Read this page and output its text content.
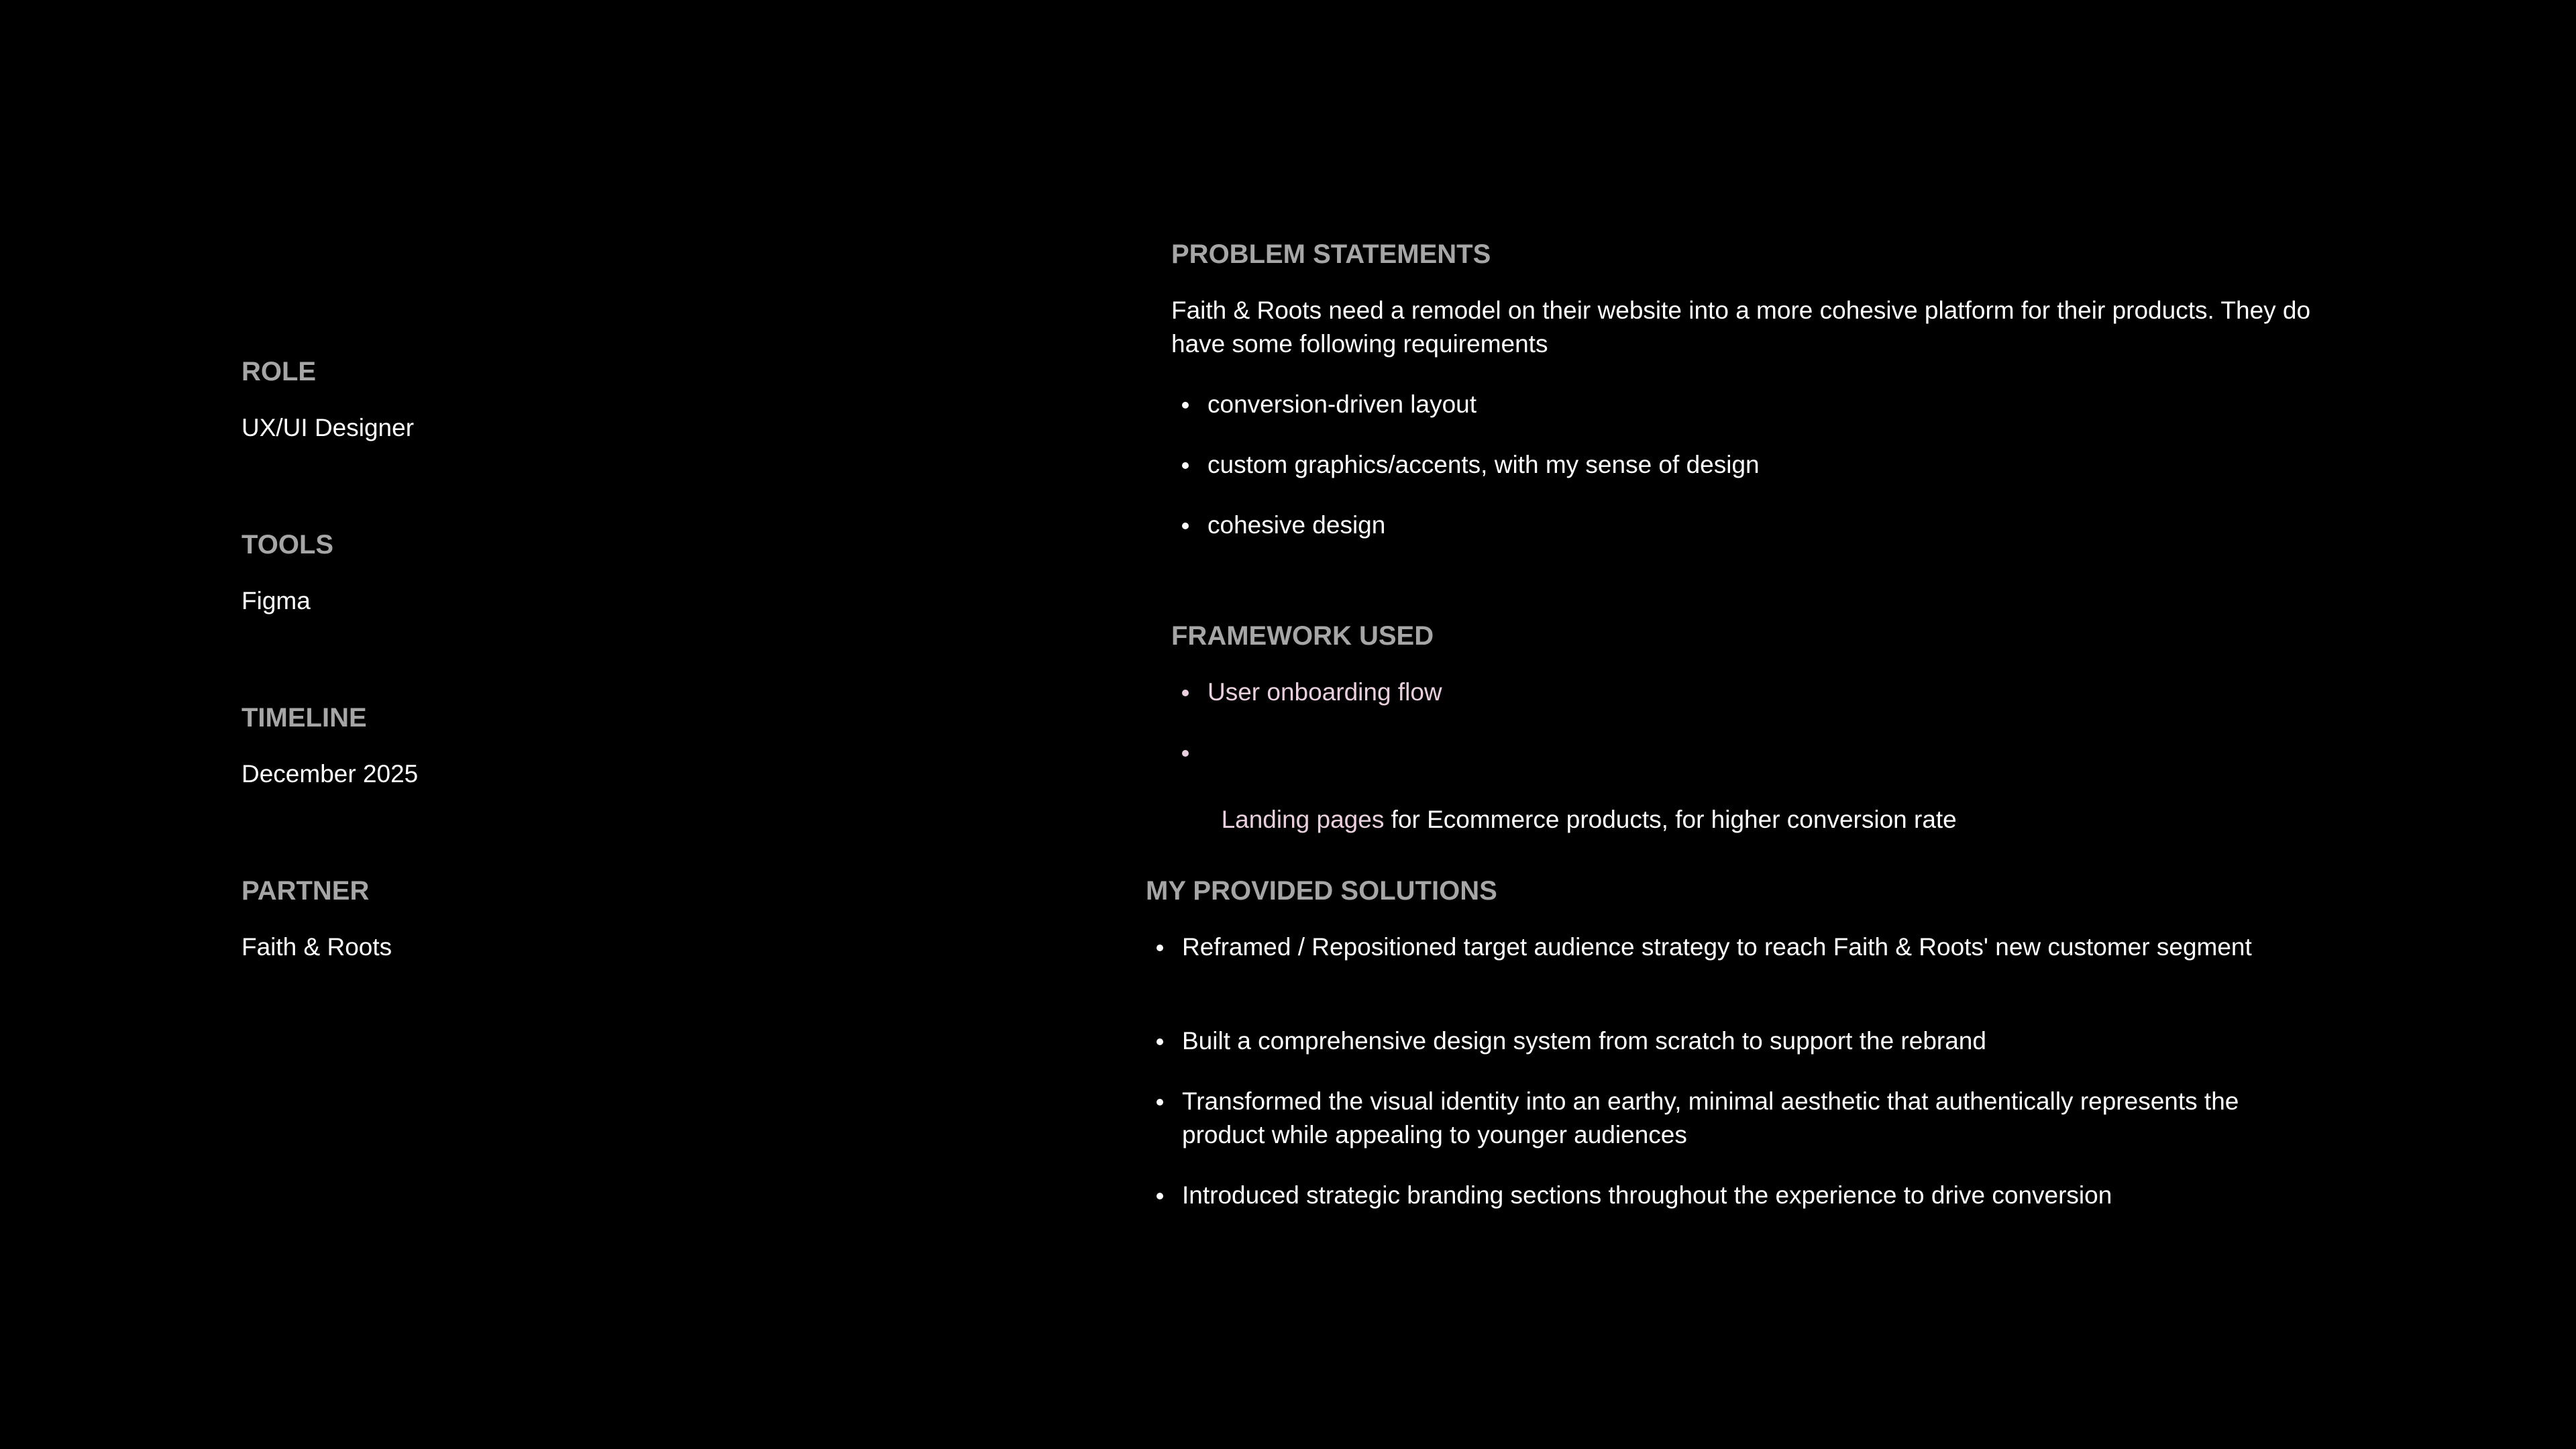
ROLE

UX/UI Designer

TOOLS

Figma

TIMELINE

December 2025

PARTNER

Faith & Roots

PROBLEM STATEMENTS

Faith & Roots need a remodel on their website into a more cohesive platform for their products. They do have some following requirements

conversion-driven layout
custom graphics/accents, with my sense of design
cohesive design
FRAMEWORK USED
User onboarding flow

Landing pages for Ecommerce products, for higher conversion rate

MY PROVIDED SOLUTIONS
Reframed / Repositioned target audience strategy to reach Faith & Roots' new customer segment
Built a comprehensive design system from scratch to support the rebrand
Transformed the visual identity into an earthy, minimal aesthetic that authentically represents the product while appealing to younger audiences
Introduced strategic branding sections throughout the experience to drive conversion
